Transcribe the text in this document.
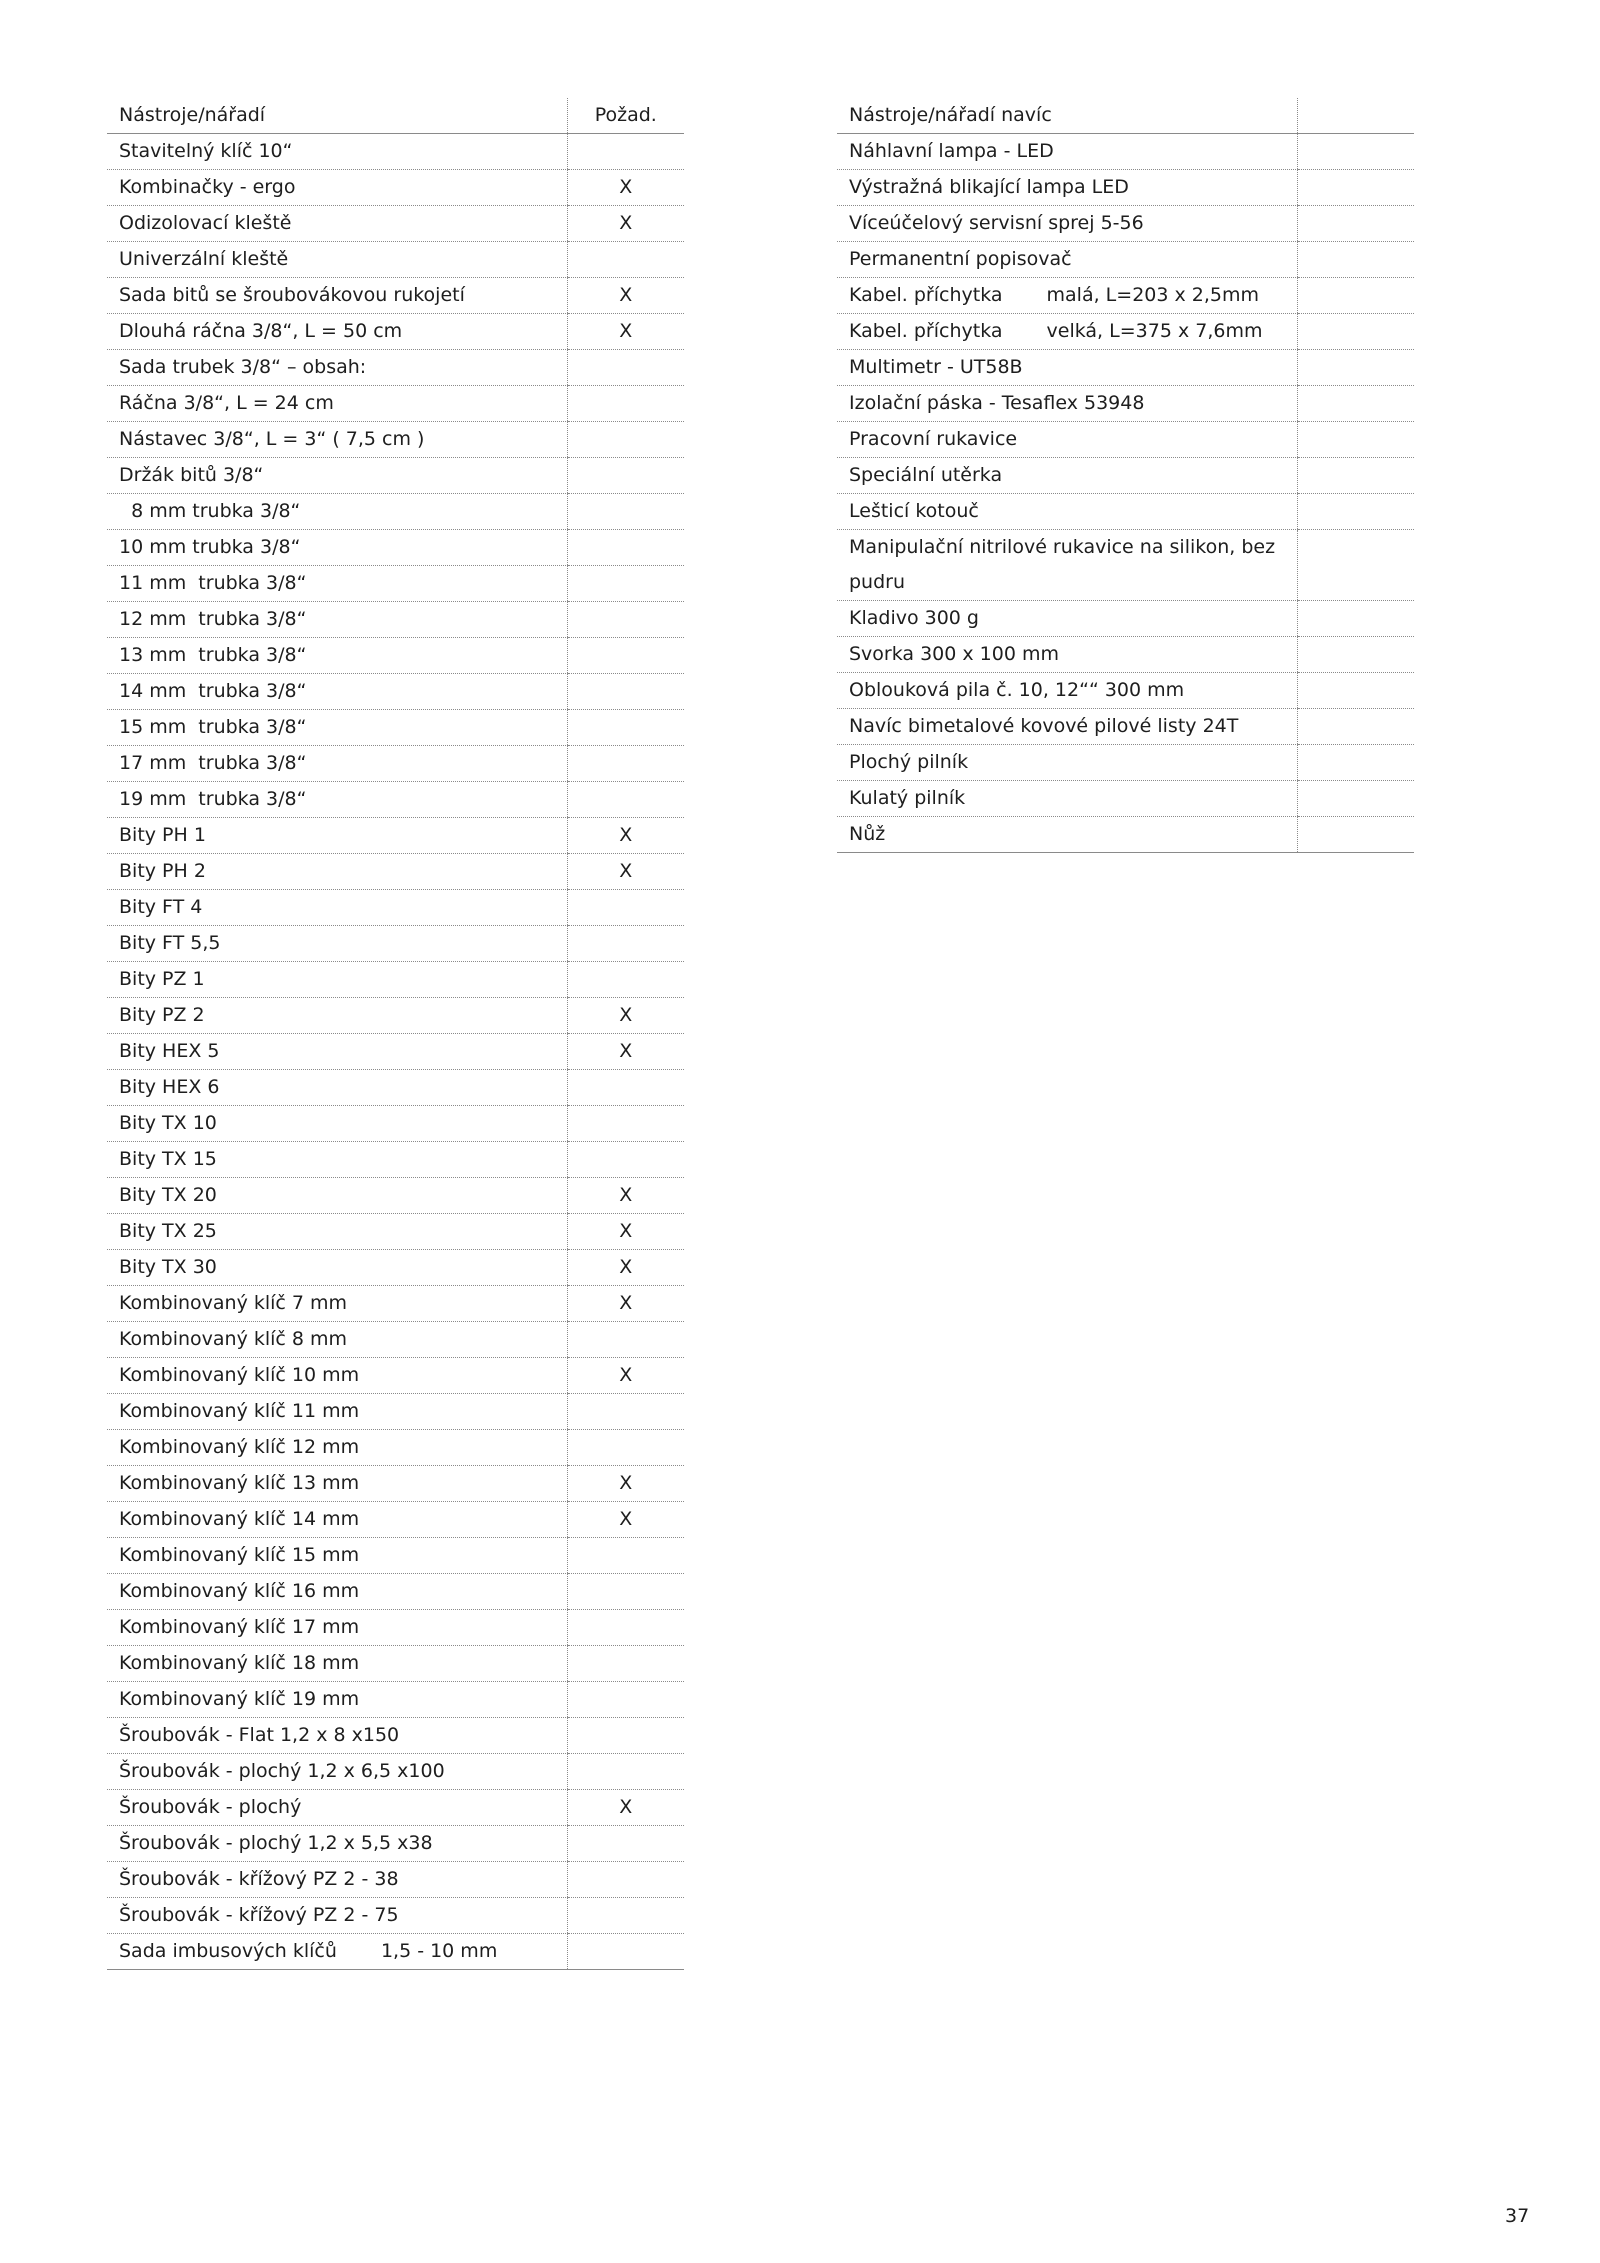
Nástroje/nářadí	Požad.
Stavitelný klíč 10“	
Kombinačky - ergo	X
Odizolovací kleště	X
Univerzální kleště	
Sada bitů se šroubovákovou rukojetí	X
Dlouhá ráčna 3/8“, L = 50 cm	X
Sada trubek 3/8“ – obsah:	
Ráčna 3/8“, L = 24 cm	
Nástavec 3/8“, L = 3“ ( 7,5 cm )	
Držák bitů 3/8“	
8 mm trubka 3/8“	
10 mm trubka 3/8“	
11 mm  trubka 3/8“	
12 mm  trubka 3/8“	
13 mm  trubka 3/8“	
14 mm  trubka 3/8“	
15 mm  trubka 3/8“	
17 mm  trubka 3/8“	
19 mm  trubka 3/8“	
Bity PH 1	X
Bity PH 2	X
Bity FT 4	
Bity FT 5,5	
Bity PZ 1	
Bity PZ 2	X
Bity HEX 5	X
Bity HEX 6	
Bity TX 10	
Bity TX 15	
Bity TX 20	X
Bity TX 25	X
Bity TX 30	X
Kombinovaný klíč 7 mm	X
Kombinovaný klíč 8 mm	
Kombinovaný klíč 10 mm	X
Kombinovaný klíč 11 mm	
Kombinovaný klíč 12 mm	
Kombinovaný klíč 13 mm	X
Kombinovaný klíč 14 mm	X
Kombinovaný klíč 15 mm	
Kombinovaný klíč 16 mm	
Kombinovaný klíč 17 mm	
Kombinovaný klíč 18 mm	
Kombinovaný klíč 19 mm	
Šroubovák - Flat 1,2 x 8 x150	
Šroubovák - plochý 1,2 x 6,5 x100	
Šroubovák - plochý	X
Šroubovák - plochý 1,2 x 5,5 x38	
Šroubovák - křížový PZ 2 - 38	
Šroubovák - křížový PZ 2 - 75	
Sada imbusových klíčů 1,5 - 10 mm	
Nástroje/nářadí navíc	
Náhlavní lampa - LED	
Výstražná blikající lampa LED	
Víceúčelový servisní sprej 5-56	
Permanentní popisovač	
Kabel. příchytka malá, L=203 x 2,5mm	
Kabel. příchytka velká, L=375 x 7,6mm	
Multimetr - UT58B	
Izolační páska - Tesaflex 53948	
Pracovní rukavice	
Speciální utěrka	
Lešticí kotouč	
Manipulační nitrilové rukavice na silikon, bez pudru	
Kladivo 300 g	
Svorka 300 x 100 mm	
Oblouková pila č. 10, 12““ 300 mm	
Navíc bimetalové kovové pilové listy 24T	
Plochý pilník	
Kulatý pilník	
Nůž	
37
